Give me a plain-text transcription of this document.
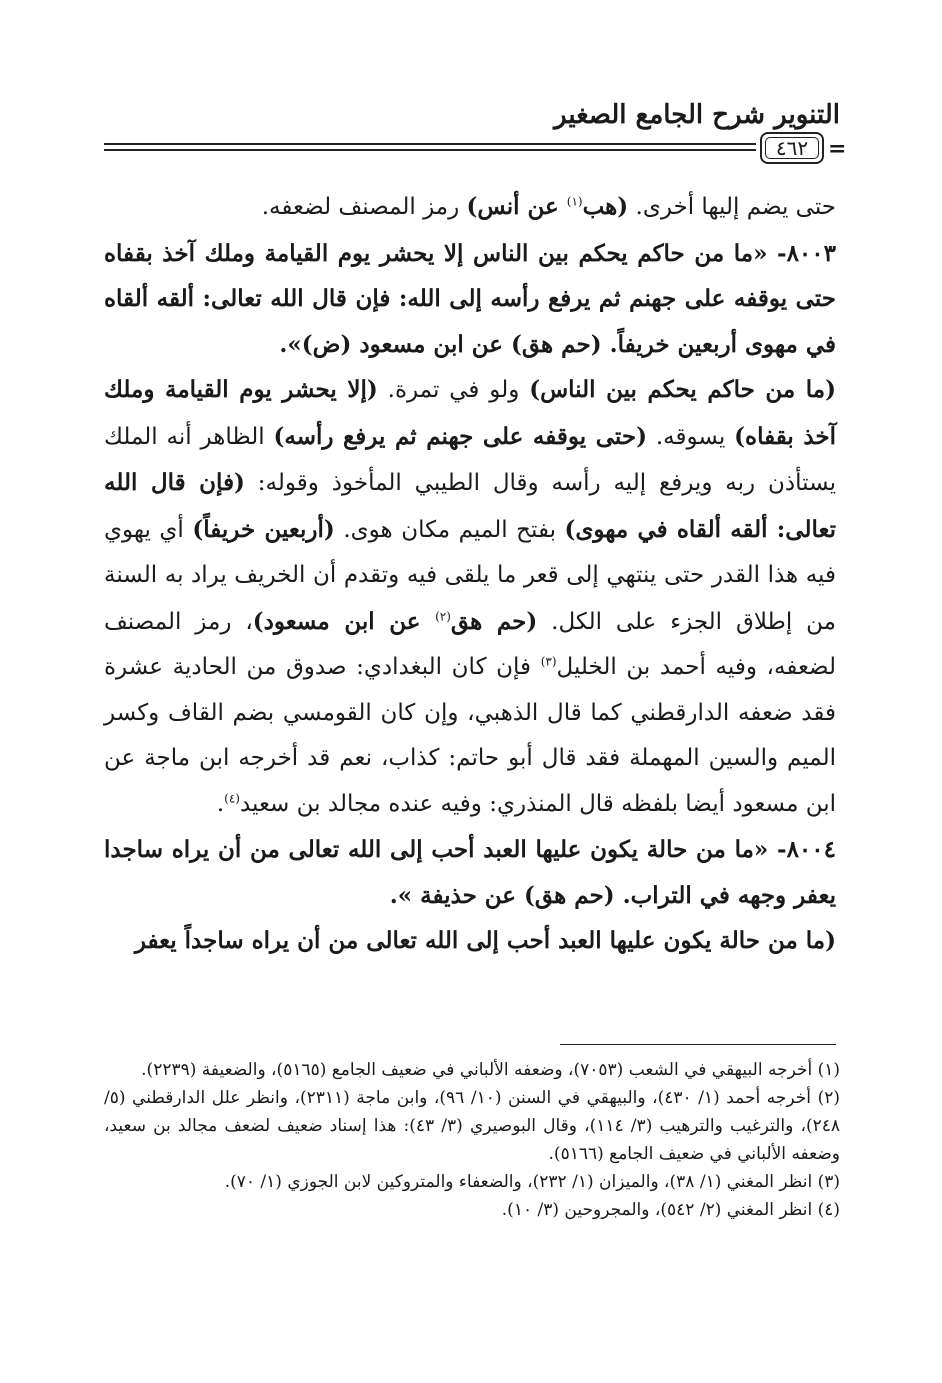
التنوير شرح الجامع الصغير
٤٦٢ =

حتى يضم إليها أخرى. (هب$^{(١)}$ عن أنس) رمز المصنف لضعفه.

٨٠٠٣- «ما من حاكم يحكم بين الناس إلا يحشر يوم القيامة وملك آخذ بقفاه حتى يوقفه على جهنم ثم يرفع رأسه إلى الله: فإن قال الله تعالى: ألقه ألقاه في مهوى أربعين خريفاً. (حم هق) عن ابن مسعود (ض)».

(ما من حاكم يحكم بين الناس) ولو في تمرة. (إلا يحشر يوم القيامة وملك آخذ بقفاه) يسوقه. (حتى يوقفه على جهنم ثم يرفع رأسه) الظاهر أنه الملك يستأذن ربه ويرفع إليه رأسه وقال الطيبي المأخوذ وقوله: (فإن قال الله تعالى: ألقه ألقاه في مهوى) بفتح الميم مكان هوى. (أربعين خريفاً) أي يهوي فيه هذا القدر حتى ينتهي إلى قعر ما يلقى فيه وتقدم أن الخريف يراد به السنة من إطلاق الجزء على الكل. (حم هق$^{(٢)}$ عن ابن مسعود)، رمز المصنف لضعفه، وفيه أحمد بن الخليل$^{(٣)}$ فإن كان البغدادي: صدوق من الحادية عشرة فقد ضعفه الدارقطني كما قال الذهبي، وإن كان القومسي بضم القاف وكسر الميم والسين المهملة فقد قال أبو حاتم: كذاب، نعم قد أخرجه ابن ماجة عن ابن مسعود أيضا بلفظه قال المنذري: وفيه عنده مجالد بن سعيد$^{(٤)}$.

٨٠٠٤- «ما من حالة يكون عليها العبد أحب إلى الله تعالى من أن يراه ساجدا يعفر وجهه في التراب. (حم هق) عن حذيفة ».

(ما من حالة يكون عليها العبد أحب إلى الله تعالى من أن يراه ساجداً يعفر

(١) أخرجه البيهقي في الشعب (٧٠٥٣)، وضعفه الألباني في ضعيف الجامع (٥١٦٥)، والضعيفة (٢٢٣٩).

(٢) أخرجه أحمد (١/ ٤٣٠)، والبيهقي في السنن (١٠/ ٩٦)، وابن ماجة (٢٣١١)، وانظر علل الدارقطني (٥/ ٢٤٨)، والترغيب والترهيب (٣/ ١١٤)، وقال البوصيري (٣/ ٤٣): هذا إسناد ضعيف لضعف مجالد بن سعيد، وضعفه الألباني في ضعيف الجامع (٥١٦٦).

(٣) انظر المغني (١/ ٣٨)، والميزان (١/ ٢٣٢)، والضعفاء والمتروكين لابن الجوزي (١/ ٧٠).

(٤) انظر المغني (٢/ ٥٤٢)، والمجروحين (٣/ ١٠).
